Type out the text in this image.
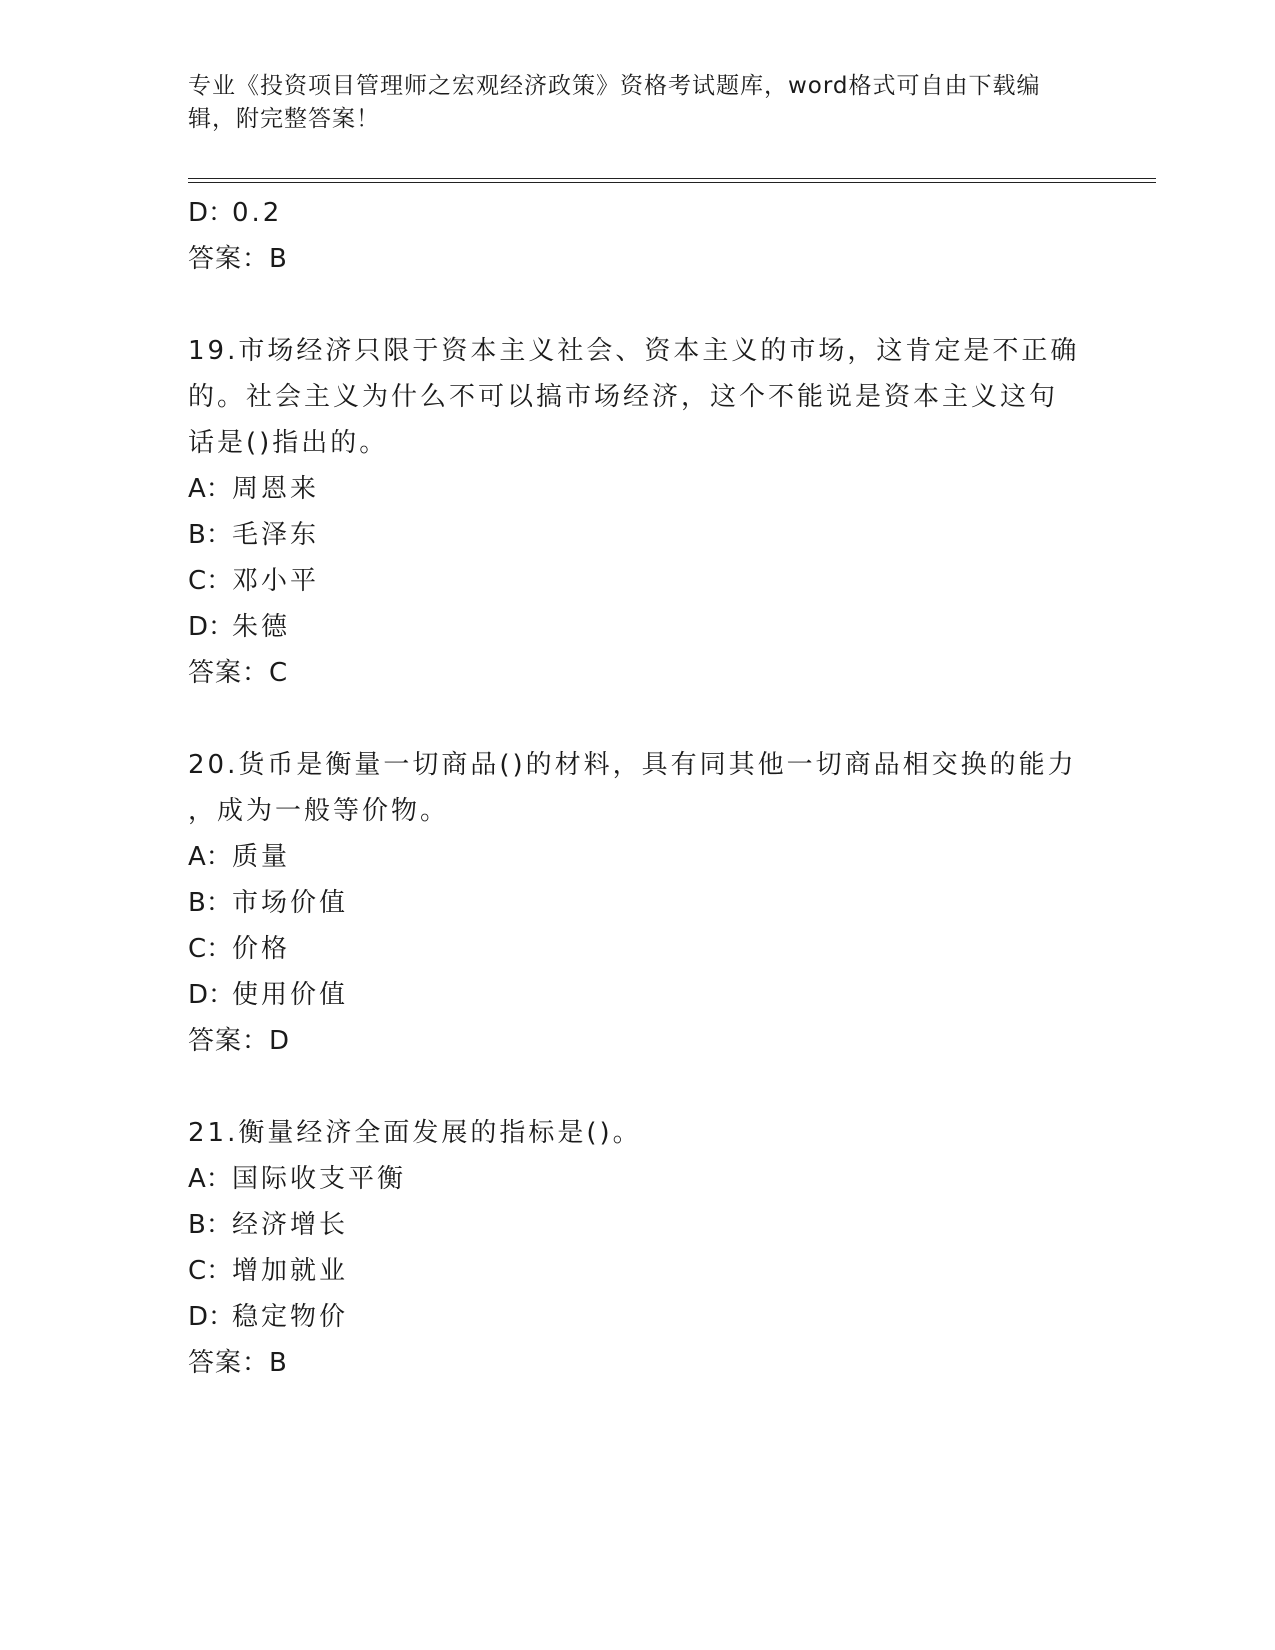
专业《投资项目管理师之宏观经济政策》资格考试题库，word格式可自由下载编
辑，附完整答案！
D：0.2
答案：B
19.市场经济只限于资本主义社会、资本主义的市场，这肯定是不正确
的。社会主义为什么不可以搞市场经济，这个不能说是资本主义这句
话是()指出的。
A：周恩来
B：毛泽东
C：邓小平
D：朱德
答案：C
20.货币是衡量一切商品()的材料，具有同其他一切商品相交换的能力
，成为一般等价物。
A：质量
B：市场价值
C：价格
D：使用价值
答案：D
21.衡量经济全面发展的指标是()。
A：国际收支平衡
B：经济增长
C：增加就业
D：稳定物价
答案：B
